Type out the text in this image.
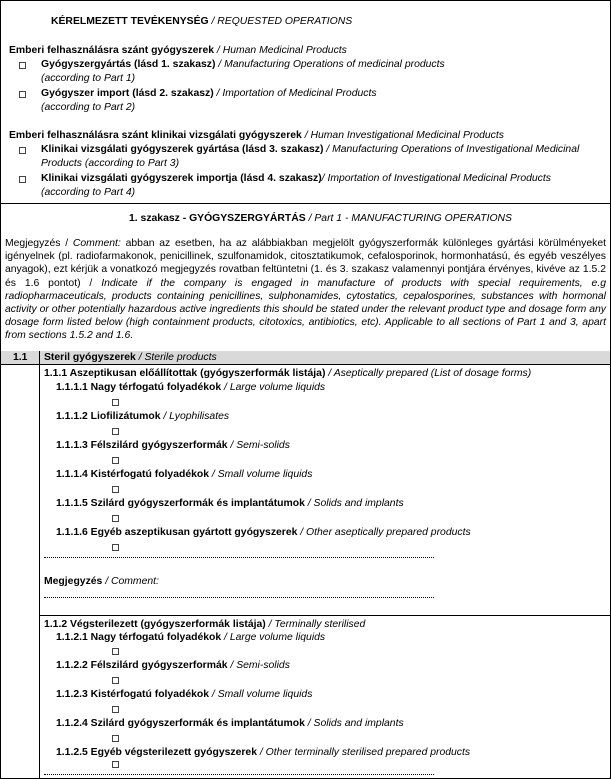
KÉRELMEZETT TEVÉKENYSÉG / REQUESTED OPERATIONS
Emberi felhasználásra szánt gyógyszerek / Human Medicinal Products
Gyógyszergyártás (lásd 1. szakasz) / Manufacturing Operations of medicinal products
(according to Part 1)
Gyógyszer import (lásd 2. szakasz) / Importation of Medicinal Products
(according to Part 2)
Emberi felhasználásra szánt klinikai vizsgálati gyógyszerek / Human Investigational Medicinal Products
Klinikai vizsgálati gyógyszerek gyártása (lásd 3. szakasz) / Manufacturing Operations of Investigational Medicinal
Products (according to Part 3)
Klinikai vizsgálati gyógyszerek importja (lásd 4. szakasz)/ Importation of Investigational Medicinal Products
(according to Part 4)
1. szakasz - GYÓGYSZERGYÁRTÁS / Part 1 - MANUFACTURING OPERATIONS
Megjegyzés / Comment: abban az esetben, ha az alábbiakban megjelölt gyógyszerformák különleges gyártási körülményeket igényelnek (pl. radiofarmakonok, penicillinek, szulfonamidok, citosztatikumok, cefalosporinok, hormonhatású, és egyéb veszélyes anyagok), ezt kérjük a vonatkozó megjegyzés rovatban feltüntetni (1. és 3. szakasz valamennyi pontjára érvényes, kivéve az 1.5.2 és 1.6 pontot) / Indicate if the company is engaged in manufacture of products with special requirements, e.g radiopharmaceuticals, products containing penicillines, sulphonamides, cytostatics, cepalosporines, substances with hormonal activity or other potentially hazardous active ingredients this should be stated under the relevant product type and dosage form any dosage form listed below (high containment products, citotoxics, antibiotics, etc). Applicable to all sections of Part 1 and 3, apart from sections 1.5.2 and 1.6.
1.1 Steril gyógyszerek / Sterile products
1.1.1 Aszeptikusan előállítottak (gyógyszerformák listája) / Aseptically prepared (List of dosage forms)
1.1.1.1 Nagy térfogatú folyadékok / Large volume liquids
1.1.1.2 Liofilizátumok / Lyophilisates
1.1.1.3 Félszilárd gyógyszerformák / Semi-solids
1.1.1.4 Kistérfogatú folyadékok / Small volume liquids
1.1.1.5 Szilárd gyógyszerformák és implantátumok / Solids and implants
1.1.1.6 Egyéb aszeptikusan gyártott gyógyszerek / Other aseptically prepared products
Megjegyzés / Comment:
1.1.2 Végsterilezett (gyógyszerformák listája) / Terminally sterilised
1.1.2.1 Nagy térfogatú folyadékok / Large volume liquids
1.1.2.2 Félszilárd gyógyszerformák / Semi-solids
1.1.2.3 Kistérfogatú folyadékok / Small volume liquids
1.1.2.4 Szilárd gyógyszerformák és implantátumok / Solids and implants
1.1.2.5 Egyéb végsterilezett gyógyszerek / Other terminally sterilised prepared products
